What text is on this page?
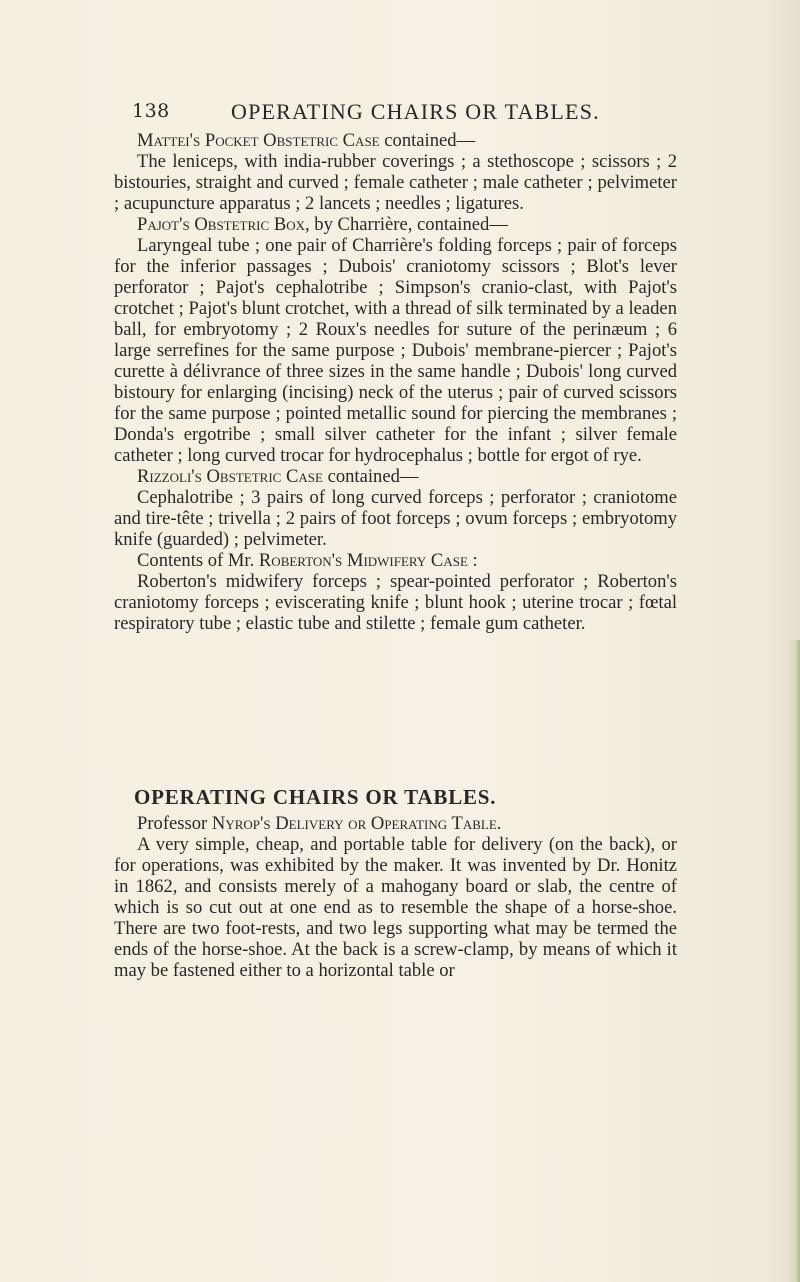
138	OPERATING CHAIRS OR TABLES.

Mattei's Pocket Obstetric Case contained—

The leniceps, with india-rubber coverings ; a stethoscope ; scissors ; 2 bistouries, straight and curved ; female catheter ; male catheter ; pelvimeter ; acupuncture apparatus ; 2 lancets ; needles ; ligatures.

Pajot's Obstetric Box, by Charrière, contained—

Laryngeal tube ; one pair of Charrière's folding forceps ; pair of forceps for the inferior passages ; Dubois' craniotomy scissors ; Blot's lever perforator ; Pajot's cephalotribe ; Simpson's cranio-clast, with Pajot's crotchet ; Pajot's blunt crotchet, with a thread of silk terminated by a leaden ball, for embryotomy ; 2 Roux's needles for suture of the perinæum ; 6 large serrefines for the same purpose ; Dubois' membrane-piercer ; Pajot's curette à délivrance of three sizes in the same handle ; Dubois' long curved bistoury for enlarging (incising) neck of the uterus ; pair of curved scissors for the same purpose ; pointed metallic sound for piercing the membranes ; Donda's ergotribe ; small silver catheter for the infant ; silver female catheter ; long curved trocar for hydrocephalus ; bottle for ergot of rye.

Rizzoli's Obstetric Case contained—

Cephalotribe ; 3 pairs of long curved forceps ; perforator ; craniotome and tire-tête ; trivella ; 2 pairs of foot forceps ; ovum forceps ; embryotomy knife (guarded) ; pelvimeter.

Contents of Mr. Roberton's Midwifery Case :

Roberton's midwifery forceps ; spear-pointed perforator ; Roberton's craniotomy forceps ; eviscerating knife ; blunt hook ; uterine trocar ; fœtal respiratory tube ; elastic tube and stilette ; female gum catheter.

OPERATING CHAIRS OR TABLES.

Professor Nyrop's Delivery or Operating Table.

A very simple, cheap, and portable table for delivery (on the back), or for operations, was exhibited by the maker. It was invented by Dr. Honitz in 1862, and consists merely of a mahogany board or slab, the centre of which is so cut out at one end as to resemble the shape of a horse-shoe. There are two foot-rests, and two legs supporting what may be termed the ends of the horse-shoe. At the back is a screw-clamp, by means of which it may be fastened either to a horizontal table or
